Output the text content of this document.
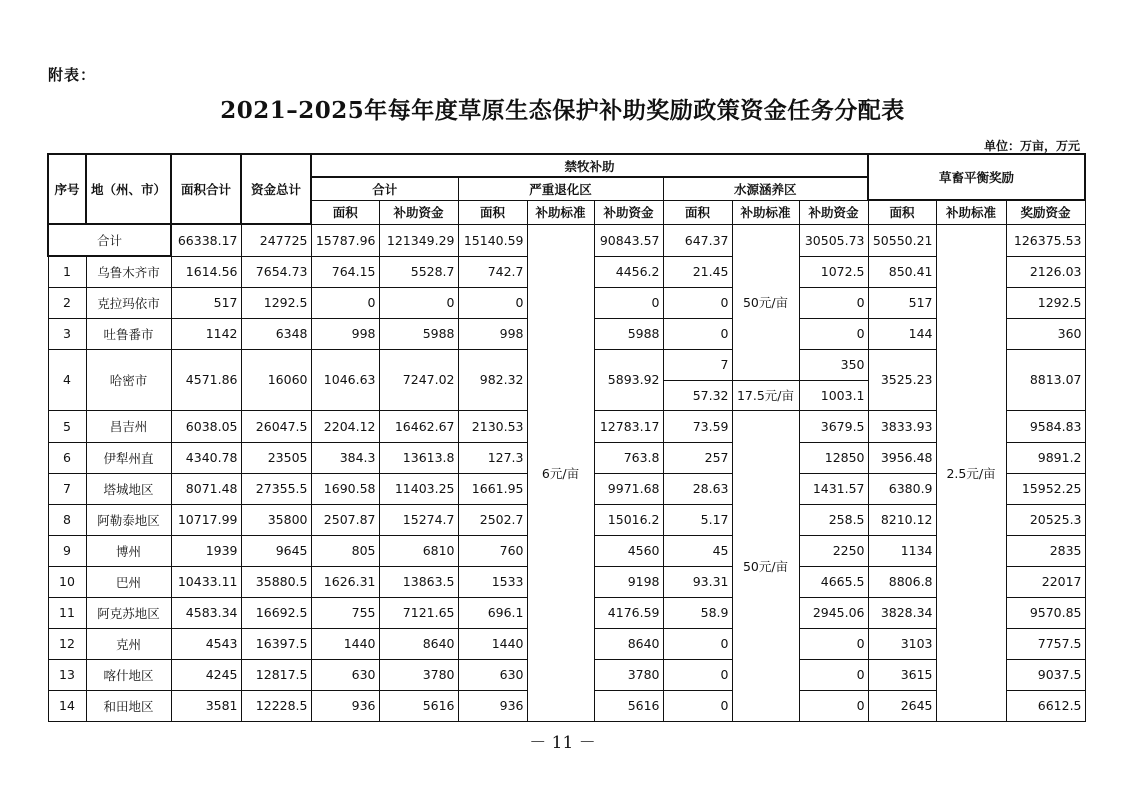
附表：
2021–2025年每年度草原生态保护补助奖励政策资金任务分配表
单位：万亩，万元
序号	地（州、市）	面积合计	资金总计	禁牧补助								草畜平衡奖励		
				合计		严重退化区			水源涵养区					
				面积	补助资金	面积	补助标准	补助资金	面积	补助标准	补助资金	面积	补助标准	奖励资金
合计		66338.17	247725	15787.96	121349.29	15140.59	6元/亩	90843.57	647.37	50元/亩	30505.73	50550.21	2.5元/亩	126375.53
1	乌鲁木齐市	1614.56	7654.73	764.15	5528.7	742.7		4456.2	21.45		1072.5	850.41		2126.03
2	克拉玛依市	517	1292.5	0	0	0		0	0		0	517		1292.5
3	吐鲁番市	1142	6348	998	5988	998		5988	0		0	144		360
4	哈密市	4571.86	16060	1046.63	7247.02	982.32		5893.92	7		350	3525.23		8813.07
									57.32	17.5元/亩	1003.1			
5	昌吉州	6038.05	26047.5	2204.12	16462.67	2130.53		12783.17	73.59	50元/亩	3679.5	3833.93		9584.83
6	伊犁州直	4340.78	23505	384.3	13613.8	127.3		763.8	257		12850	3956.48		9891.2
7	塔城地区	8071.48	27355.5	1690.58	11403.25	1661.95		9971.68	28.63		1431.57	6380.9		15952.25
8	阿勒泰地区	10717.99	35800	2507.87	15274.7	2502.7		15016.2	5.17		258.5	8210.12		20525.3
9	博州	1939	9645	805	6810	760		4560	45		2250	1134		2835
10	巴州	10433.11	35880.5	1626.31	13863.5	1533		9198	93.31		4665.5	8806.8		22017
11	阿克苏地区	4583.34	16692.5	755	7121.65	696.1		4176.59	58.9		2945.06	3828.34		9570.85
12	克州	4543	16397.5	1440	8640	1440		8640	0		0	3103		7757.5
13	喀什地区	4245	12817.5	630	3780	630		3780	0		0	3615		9037.5
14	和田地区	3581	12228.5	936	5616	936		5616	0		0	2645		6612.5
－ 11 －
